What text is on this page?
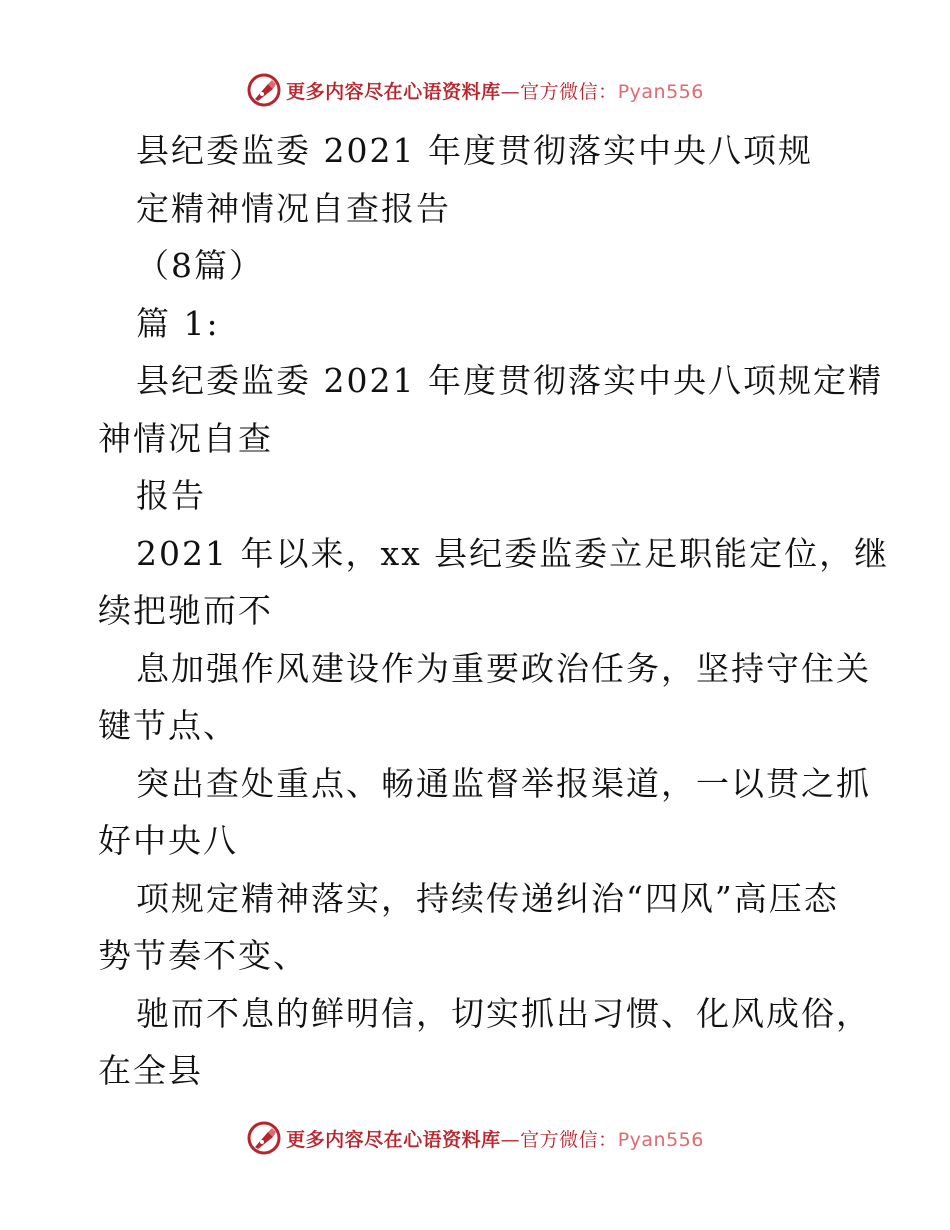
更多内容尽在心语资料库—官方微信：Pyan556
县纪委监委 2021 年度贯彻落实中央八项规
定精神情况自查报告
（8篇）
篇 1:
县纪委监委 2021 年度贯彻落实中央八项规定精
神情况自查
报告
2021 年以来，xx 县纪委监委立足职能定位，继
续把驰而不
息加强作风建设作为重要政治任务，坚持守住关
键节点、
突出查处重点、畅通监督举报渠道，一以贯之抓
好中央八
项规定精神落实，持续传递纠治“四风”高压态
势节奏不变、
驰而不息的鲜明信，切实抓出习惯、化风成俗，
在全县
更多内容尽在心语资料库—官方微信：Pyan556
